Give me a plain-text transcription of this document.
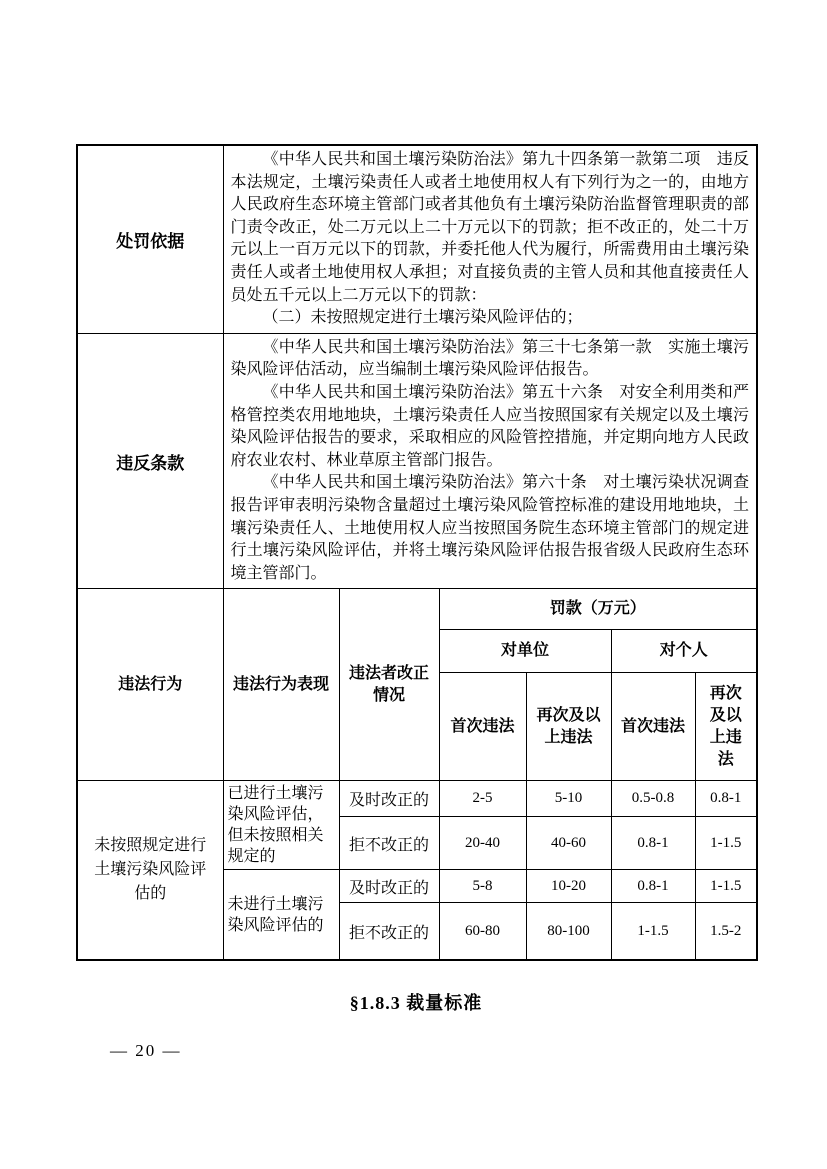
处罚依据	《中华人民共和国土壤污染防治法》第九十四条第一款第二项　违反本法规定，土壤污染责任人或者土地使用权人有下列行为之一的，由地方人民政府生态环境主管部门或者其他负有土壤污染防治监督管理职责的部门责令改正，处二万元以上二十万元以下的罚款；拒不改正的，处二十万元以上一百万元以下的罚款，并委托他人代为履行，所需费用由土壤污染责任人或者土地使用权人承担；对直接负责的主管人员和其他直接责任人员处五千元以上二万元以下的罚款：

（二）未按照规定进行土壤污染风险评估的；					

违反条款	《中华人民共和国土壤污染防治法》第三十七条第一款　实施土壤污染风险评估活动，应当编制土壤污染风险评估报告。

《中华人民共和国土壤污染防治法》第五十六条　对安全利用类和严格管控类农用地地块，土壤污染责任人应当按照国家有关规定以及土壤污染风险评估报告的要求，采取相应的风险管控措施，并定期向地方人民政府农业农村、林业草原主管部门报告。

《中华人民共和国土壤污染防治法》第六十条　对土壤污染状况调查报告评审表明污染物含量超过土壤污染风险管控标准的建设用地地块，土壤污染责任人、土地使用权人应当按照国务院生态环境主管部门的规定进行土壤污染风险评估，并将土壤污染风险评估报告报省级人民政府生态环境主管部门。					

违法行为	违法行为表现	违法者改正情况	罚款（万元）			
			对单位		对个人	
			首次违法	再次及以上违法	首次违法	再次及以上违法
未按照规定进行土壤污染风险评估的	已进行土壤污染风险评估，但未按照相关规定的	及时改正的	2-5	5-10	0.5-0.8	0.8-1
		拒不改正的	20-40	40-60	0.8-1	1-1.5
	未进行土壤污染风险评估的	及时改正的	5-8	10-20	0.8-1	1-1.5
		拒不改正的	60-80	80-100	1-1.5	1.5-2
§1.8.3 裁量标准
— 20 —
